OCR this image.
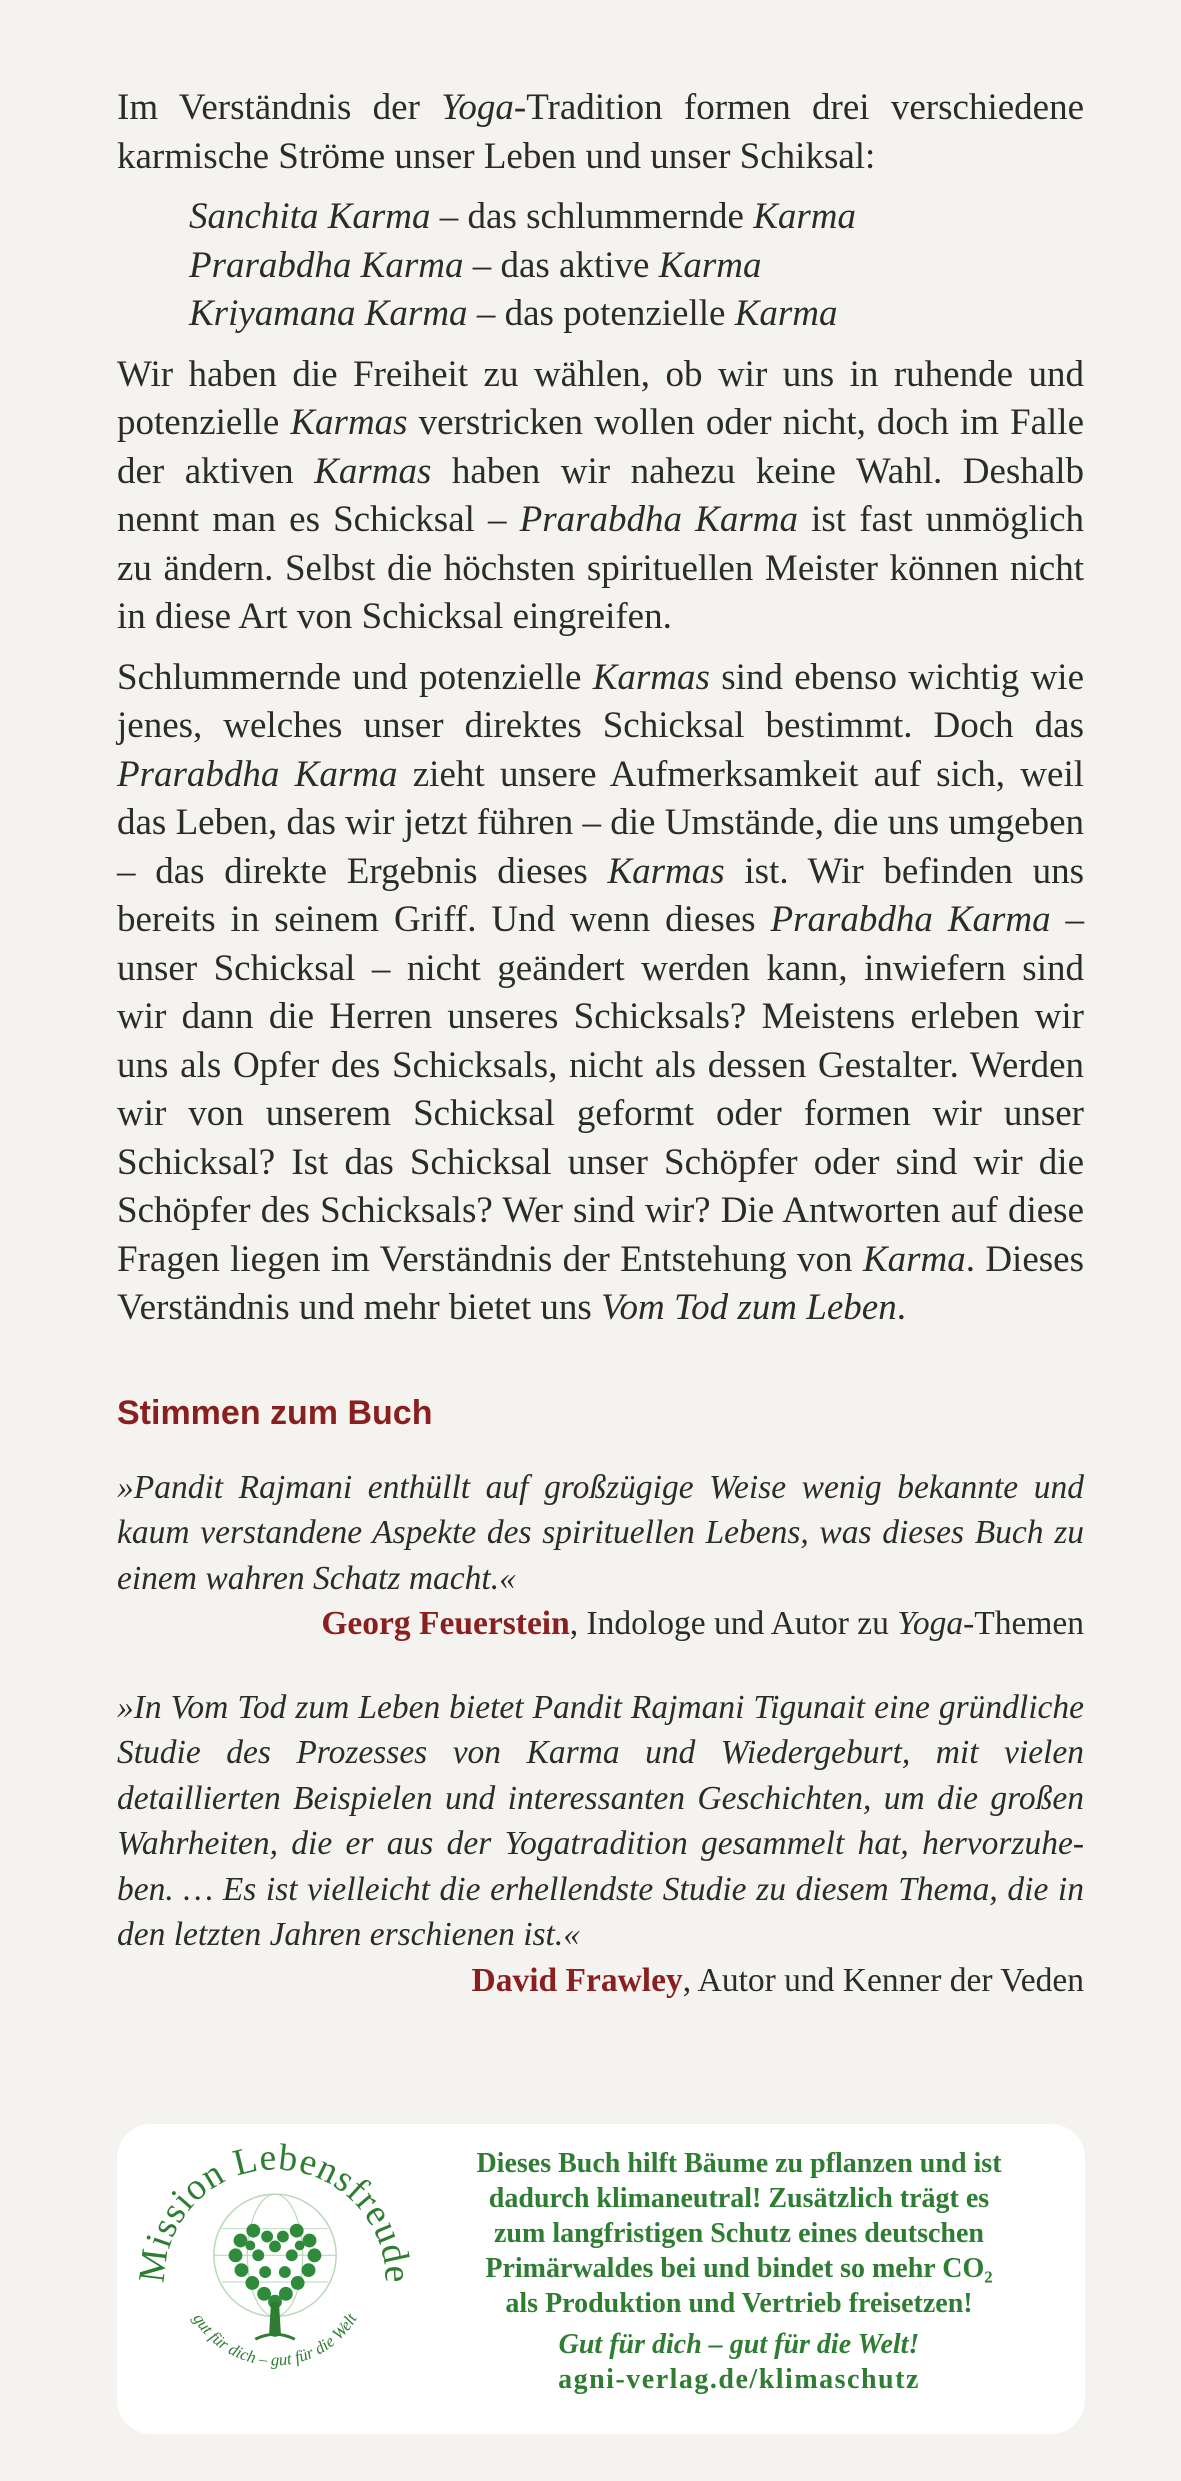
Im Verständnis der Yoga-Tradition formen drei verschiedene karmische Ströme unser Leben und unser Schiksal:

Sanchita Karma – das schlummernde Karma
Prarabdha Karma – das aktive Karma
Kriyamana Karma – das potenzielle Karma

Wir haben die Freiheit zu wählen, ob wir uns in ruhende und potenzielle Karmas verstricken wollen oder nicht, doch im Falle der aktiven Karmas haben wir nahezu keine Wahl. Deshalb nennt man es Schicksal – Prarabdha Karma ist fast unmöglich zu ändern. Selbst die höchsten spirituellen Meister können nicht in diese Art von Schicksal eingreifen.

Schlummernde und potenzielle Karmas sind ebenso wichtig wie jenes, welches unser direktes Schicksal bestimmt. Doch das Prarabdha Karma zieht unsere Aufmerksamkeit auf sich, weil das Leben, das wir jetzt führen – die Umstände, die uns umgeben – das direkte Ergebnis dieses Karmas ist. Wir befinden uns bereits in seinem Griff. Und wenn dieses Prarabdha Karma – unser Schicksal – nicht geändert werden kann, inwiefern sind wir dann die Herren unseres Schicksals? Meistens erleben wir uns als Opfer des Schicksals, nicht als dessen Gestalter. Werden wir von unserem Schicksal geformt oder formen wir unser Schicksal? Ist das Schicksal unser Schöpfer oder sind wir die Schöpfer des Schicksals? Wer sind wir? Die Antworten auf diese Fragen liegen im Verständnis der Entstehung von Karma. Dieses Verständnis und mehr bietet uns Vom Tod zum Leben.

Stimmen zum Buch

»Pandit Rajmani enthüllt auf großzügige Weise wenig bekannte und kaum verstandene Aspekte des spirituellen Lebens, was dieses Buch zu einem wahren Schatz macht.«

Georg Feuerstein, Indologe und Autor zu Yoga-Themen

»In Vom Tod zum Leben bietet Pandit Rajmani Tigunait eine gründliche Studie des Prozesses von Karma und Wiedergeburt, mit vielen detaillierten Beispielen und interessanten Geschichten, um die großen Wahrheiten, die er aus der Yogatradition gesammelt hat, hervorzuheben. … Es ist vielleicht die erhellendste Studie zu diesem Thema, die in den letzten Jahren erschienen ist.«

David Frawley, Autor und Kenner der Veden

Mission Lebensfreude
gut für dich – gut für die Welt
Dieses Buch hilft Bäume zu pflanzen und ist
dadurch klimaneutral! Zusätzlich trägt es
zum langfristigen Schutz eines deutschen
Primärwaldes bei und bindet so mehr CO₂
als Produktion und Vertrieb freisetzen!
Gut für dich – gut für die Welt!
agni-verlag.de/klimaschutz
